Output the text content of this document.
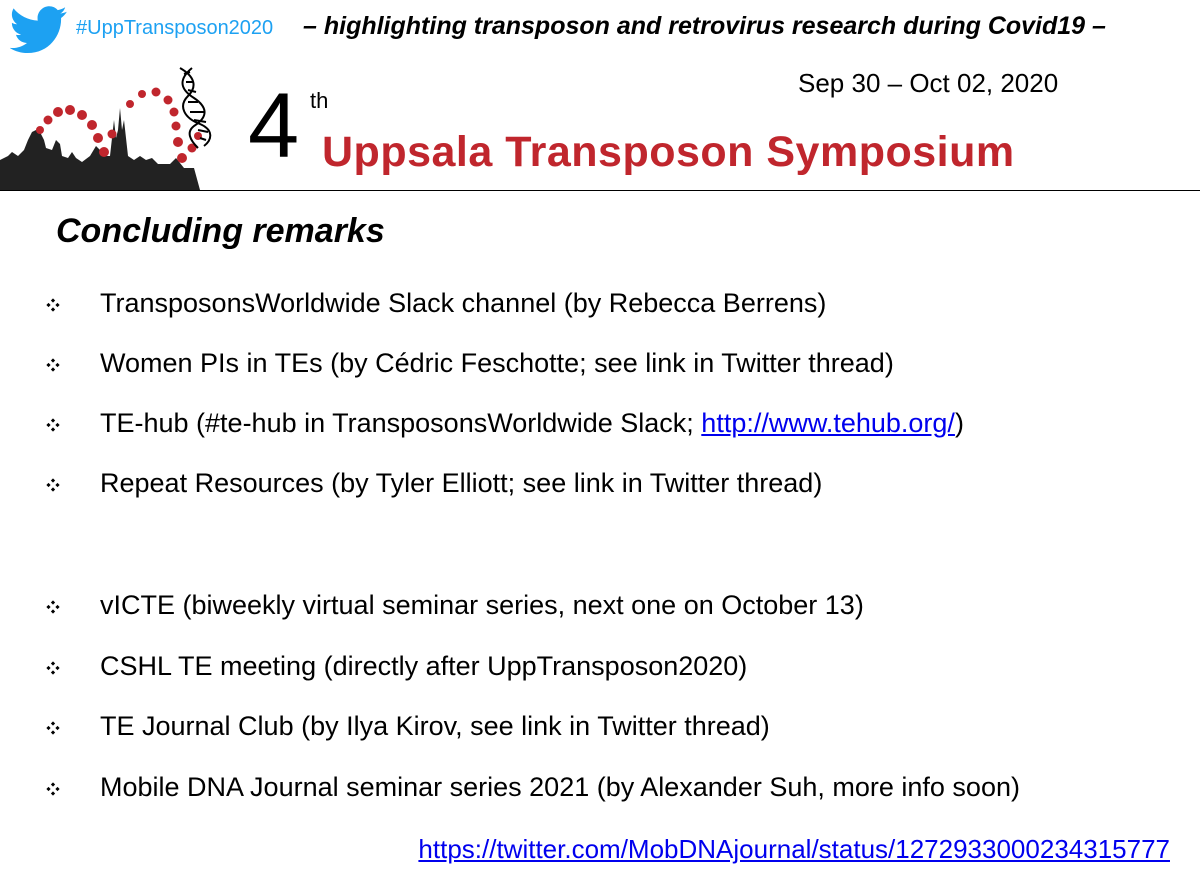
#UppTransposon2020 – highlighting transposon and retrovirus research during Covid19 –
Sep 30 – Oct 02, 2020
4 th
Uppsala Transposon Symposium
Concluding remarks
TransposonsWorldwide Slack channel (by Rebecca Berrens)
Women PIs in TEs (by Cédric Feschotte; see link in Twitter thread)
TE-hub (#te-hub in TransposonsWorldwide Slack; http://www.tehub.org/)
Repeat Resources (by Tyler Elliott; see link in Twitter thread)
vICTE (biweekly virtual seminar series, next one on October 13)
CSHL TE meeting (directly after UppTransposon2020)
TE Journal Club (by Ilya Kirov, see link in Twitter thread)
Mobile DNA Journal seminar series 2021 (by Alexander Suh, more info soon)
https://twitter.com/MobDNAjournal/status/1272933000234315777
